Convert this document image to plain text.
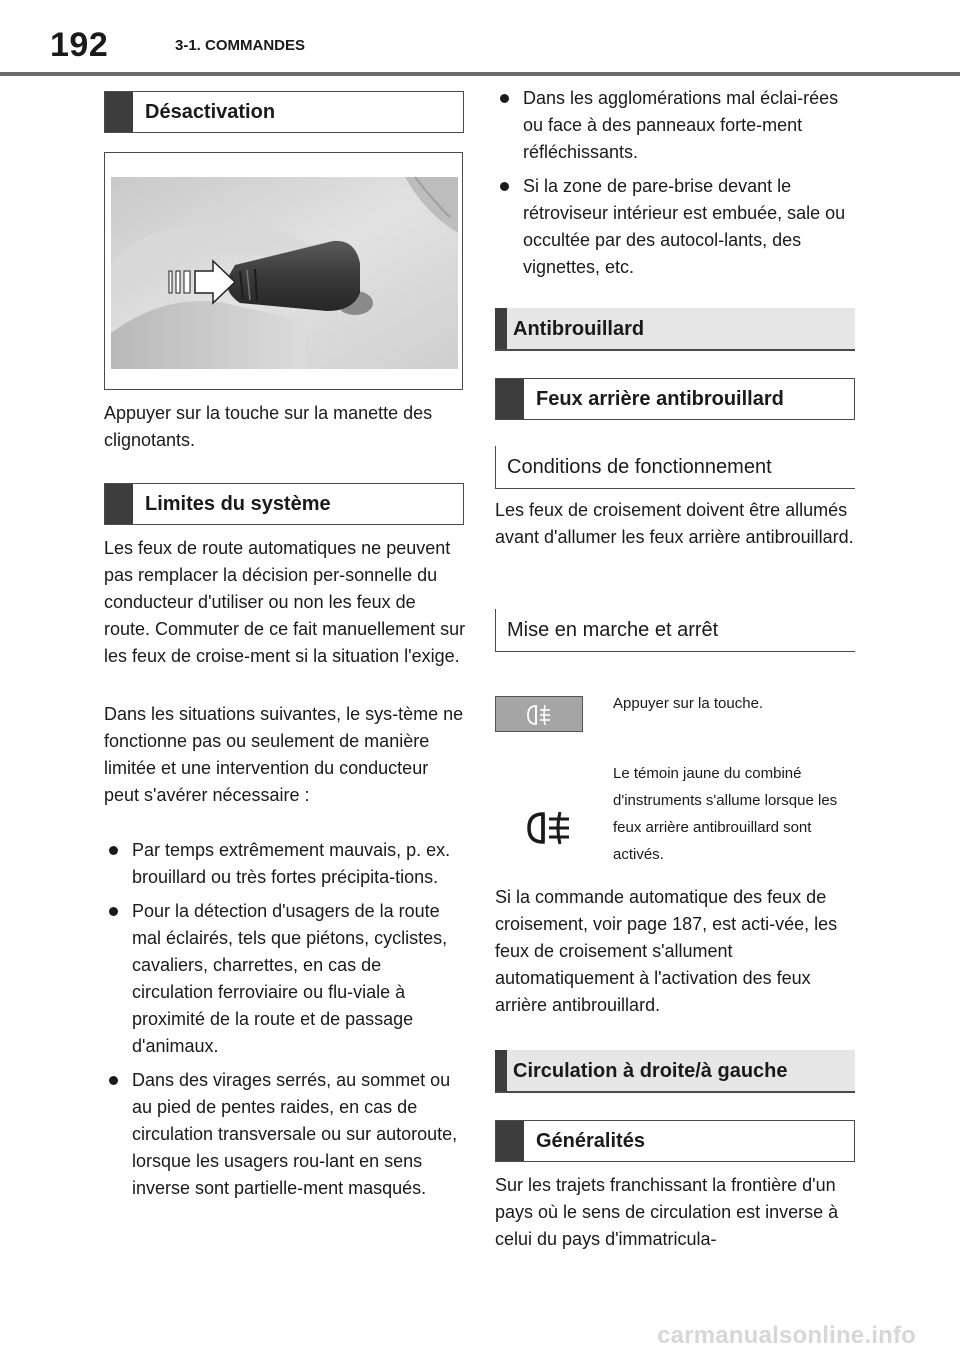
192	3-1. COMMANDES
Désactivation
Appuyer sur la touche sur la manette des clignotants.
Limites du système
Les feux de route automatiques ne peuvent pas remplacer la décision per-sonnelle du conducteur d'utiliser ou non les feux de route. Commuter de ce fait manuellement sur les feux de croise-ment si la situation l'exige.
Dans les situations suivantes, le sys-tème ne fonctionne pas ou seulement de manière limitée et une intervention du conducteur peut s'avérer nécessaire :
Par temps extrêmement mauvais, p. ex. brouillard ou très fortes précipita-tions.
Pour la détection d'usagers de la route mal éclairés, tels que piétons, cyclistes, cavaliers, charrettes, en cas de circulation ferroviaire ou flu-viale à proximité de la route et de passage d'animaux.
Dans des virages serrés, au sommet ou au pied de pentes raides, en cas de circulation transversale ou sur autoroute, lorsque les usagers rou-lant en sens inverse sont partielle-ment masqués.
Dans les agglomérations mal éclai-rées ou face à des panneaux forte-ment réfléchissants.
Si la zone de pare-brise devant le rétroviseur intérieur est embuée, sale ou occultée par des autocol-lants, des vignettes, etc.
Antibrouillard
Feux arrière antibrouillard
Conditions de fonctionnement
Les feux de croisement doivent être allumés avant d'allumer les feux arrière antibrouillard.
Mise en marche et arrêt
Appuyer sur la touche.
Le témoin jaune du combiné d'instruments s'allume lorsque les feux arrière antibrouillard sont activés.
Si la commande automatique des feux de croisement, voir page 187, est acti-vée, les feux de croisement s'allument automatiquement à l'activation des feux arrière antibrouillard.
Circulation à droite/à gauche
Généralités
Sur les trajets franchissant la frontière d'un pays où le sens de circulation est inverse à celui du pays d'immatricula-
carmanualsonline.info
